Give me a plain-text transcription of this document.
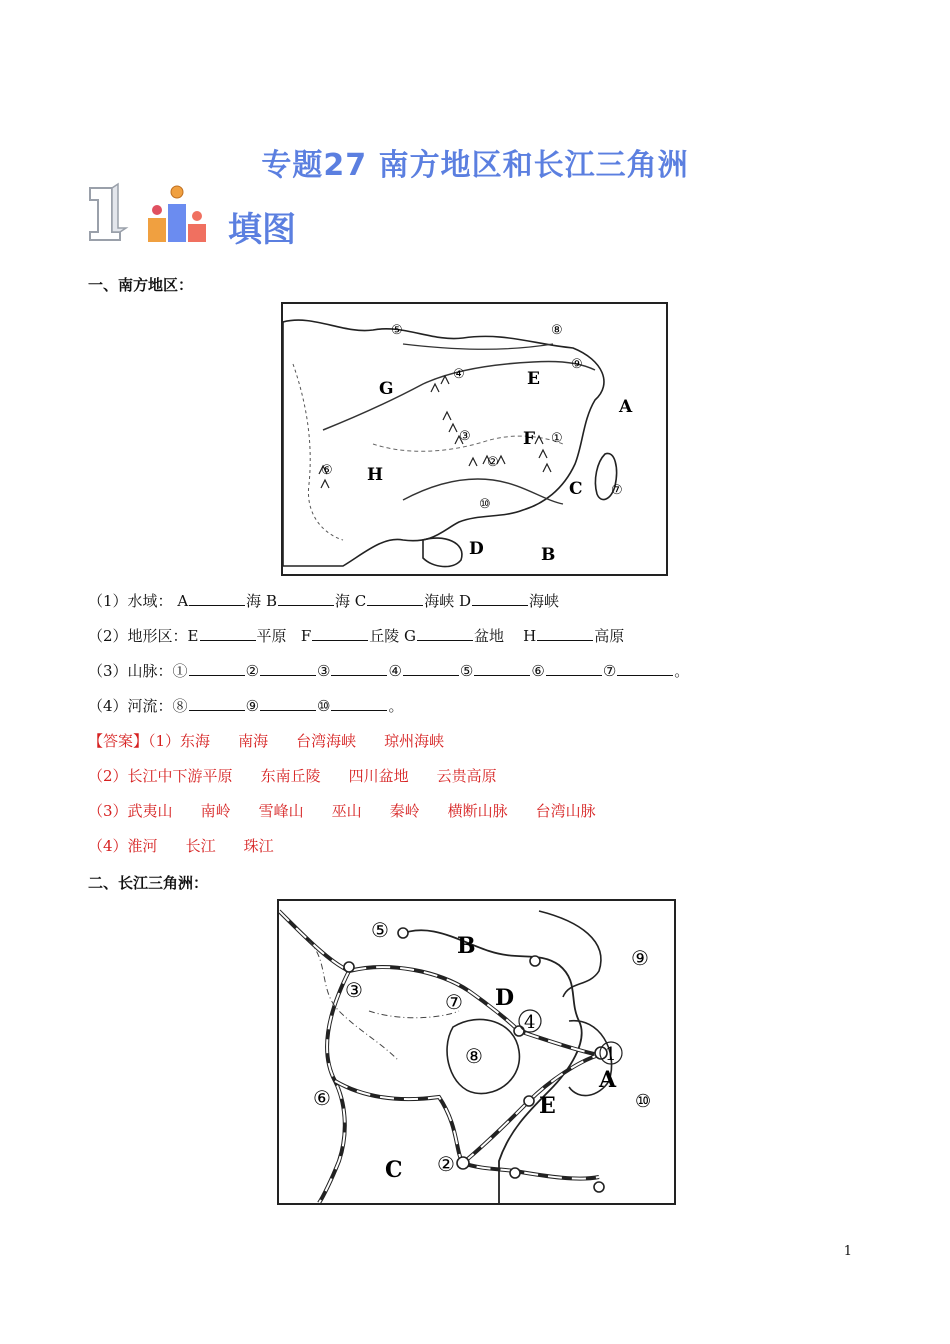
专题27 南方地区和长江三角洲
填图
一、南方地区：
A
B
C
D
E
F
G
H
①
②
③
④
⑤
⑥
⑦
⑧
⑨
⑩
（1）水域： A	海 B	海 C	海峡 D	海峡
（2）地形区：E	平原 F	丘陵 G	盆地 H	高原
（3）山脉：①	②	③	④	⑤	⑥	⑦	。
（4）河流：⑧	⑨	⑩	。
【答案】（1）东海 南海 台湾海峡 琼州海峡
（2）长江中下游平原 东南丘陵 四川盆地 云贵高原
（3）武夷山 南岭 雪峰山 巫山 秦岭 横断山脉 台湾山脉
（4）淮河 长江 珠江
二、长江三角洲：
A
B
C
D
E
1
②
③
4
⑤
⑥
⑦
⑧
⑨
⑩
1
